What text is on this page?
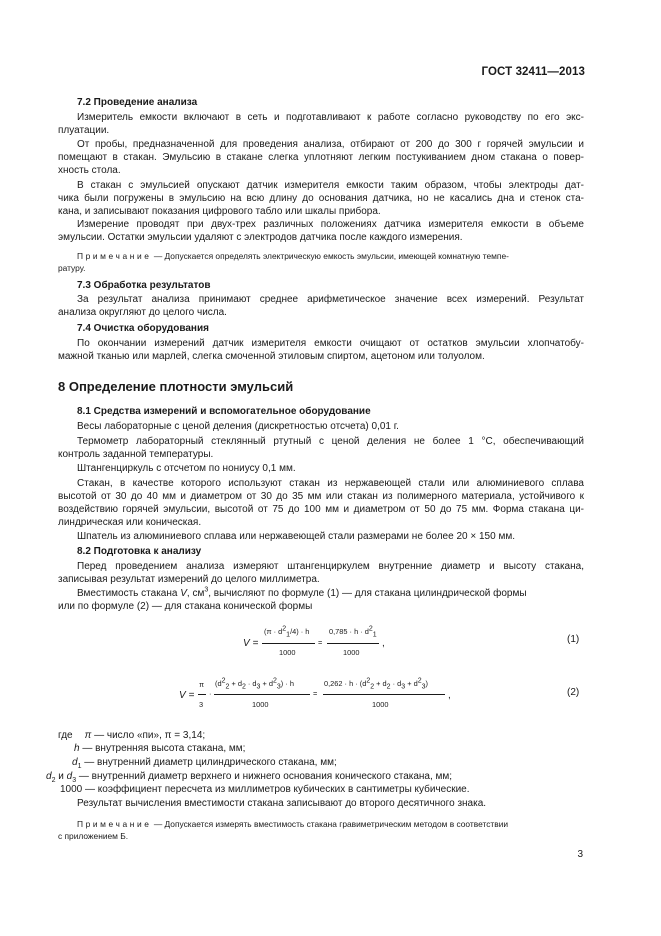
ГОСТ 32411—2013
7.2 Проведение анализа
Измеритель емкости включают в сеть и подготавливают к работе согласно руководству по его экс-
плуатации.
От пробы, предназначенной для проведения анализа, отбирают от 200 до 300 г горячей эмульсии и
помещают в стакан. Эмульсию в стакане слегка уплотняют легким постукиванием дном стакана о повер-
хность стола.
В стакан с эмульсией опускают датчик измерителя емкости таким образом, чтобы электроды дат-
чика были погружены в эмульсию на всю длину до основания датчика, но не касались дна и стенок ста-
кана, и записывают показания цифрового табло или шкалы прибора.
Измерение проводят при двух-трех различных положениях датчика измерителя емкости в объеме
эмульсии. Остатки эмульсии удаляют с электродов датчика после каждого измерения.
Примечание — Допускается определять электрическую емкость эмульсии, имеющей комнатную темпе-
ратуру.
7.3 Обработка результатов
За результат анализа принимают среднее арифметическое значение всех измерений. Результат
анализа округляют до целого числа.
7.4 Очистка оборудования
По окончании измерений датчик измерителя емкости очищают от остатков эмульсии хлопчатобу-
мажной тканью или марлей, слегка смоченной этиловым спиртом, ацетоном или толуолом.
8 Определение плотности эмульсий
8.1 Средства измерений и вспомогательное оборудование
Весы лабораторные с ценой деления (дискретностью отсчета) 0,01 г.
Термометр лабораторный стеклянный ртутный с ценой деления не более 1 °С, обеспечивающий
контроль заданной температуры.
Штангенциркуль с отсчетом по нониусу 0,1 мм.
Стакан, в качестве которого используют стакан из нержавеющей стали или алюминиевого сплава
высотой от 30 до 40 мм и диаметром от 30 до 35 мм или стакан из полимерного материала, устойчивого к
воздействию горячей эмульсии, высотой от 75 до 100 мм и диаметром от 50 до 75 мм. Форма стакана ци-
линдрическая или коническая.
Шпатель из алюминиевого сплава или нержавеющей стали размерами не более 20 × 150 мм.
8.2 Подготовка к анализу
Перед проведением анализа измеряют штангенциркулем внутренние диаметр и высоту стакана,
записывая результат измерений до целого миллиметра.
Вместимость стакана V, $см^3$, вычисляют по формуле (1) — для стакана цилиндрической формы
или по формуле (2) — для стакана конической формы
V =
$(\pi \cdot d^2_1/4) \cdot h$
1000
=
$0,785 \cdot h \cdot d^2_1$
1000
,	(1)
V =
π
3
·
$(d^2_2 + d_2 \cdot d_3 + d^2_3) \cdot h$
1000
=
$0,262 \cdot h \cdot (d^2_2 + d_2 \cdot d_3 + d^2_3)$
1000
,	(2)
где π — число «пи», π = 3,14;
h — внутренняя высота стакана, мм;
$d_1$ — внутренний диаметр цилиндрического стакана, мм;
$d_2$ и $d_3$ — внутренний диаметр верхнего и нижнего основания конического стакана, мм;
1000 — коэффициент пересчета из миллиметров кубических в сантиметры кубические.
Результат вычисления вместимости стакана записывают до второго десятичного знака.
Примечание — Допускается измерять вместимость стакана гравиметрическим методом в соответствии
с приложением Б.
3
